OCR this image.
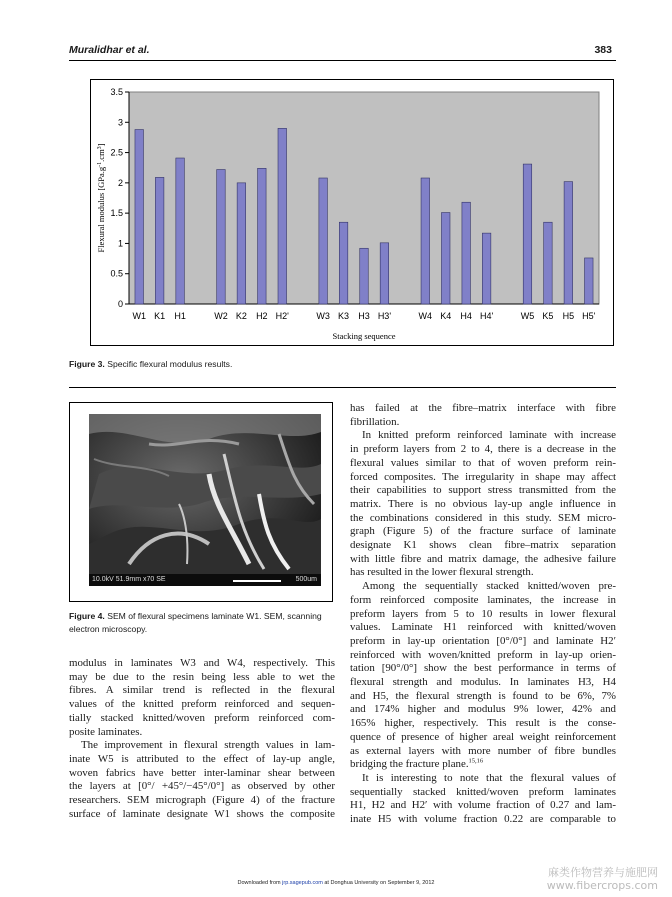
Muralidhar et al.	383
0
0.5
1
1.5
2
2.5
3
3.5
W1 K1 H1	W2 K2 H2 H2'	W3 K3 H3 H3'	W4 K4 H4 H4'	W5 K5 H5 H5'
Stacking sequence
Flexural modulus $[GPa.g^{-1}.cm^3]$
Figure 3. Specific flexural modulus results.
10.0kV 51.9mm x70 SE	500um
Figure 4. SEM of flexural specimens laminate W1. SEM, scanning electron microscopy.

modulus in laminates W3 and W4, respectively. This

may be due to the resin being less able to wet the

fibres. A similar trend is reflected in the flexural

values of the knitted preform reinforced and sequen-

tially stacked knitted/woven preform reinforced com-

posite laminates.

The improvement in flexural strength values in lam-

inate W5 is attributed to the effect of lay-up angle,

woven fabrics have better inter-laminar shear between

the layers at [0°/ +45°/−45°/0°] as observed by other

researchers. SEM micrograph (Figure 4) of the fracture

surface of laminate designate W1 shows the composite

has failed at the fibre–matrix interface with fibre

fibrillation.

In knitted preform reinforced laminate with increase

in preform layers from 2 to 4, there is a decrease in the

flexural values similar to that of woven preform rein-

forced composites. The irregularity in shape may affect

their capabilities to support stress transmitted from the

matrix. There is no obvious lay-up angle influence in

the combinations considered in this study. SEM micro-

graph (Figure 5) of the fracture surface of laminate

designate K1 shows clean fibre–matrix separation

with little fibre and matrix damage, the adhesive failure

has resulted in the lower flexural strength.

Among the sequentially stacked knitted/woven pre-

form reinforced composite laminates, the increase in

preform layers from 5 to 10 results in lower flexural

values. Laminate H1 reinforced with knitted/woven

preform in lay-up orientation [0°/0°] and laminate H2′

reinforced with woven/knitted preform in lay-up orien-

tation [90°/0°] show the best performance in terms of

flexural strength and modulus. In laminates H3, H4

and H5, the flexural strength is found to be 6%, 7%

and 174% higher and modulus 9% lower, 42% and

165% higher, respectively. This result is the conse-

quence of presence of higher areal weight reinforcement

as external layers with more number of fibre bundles

bridging the fracture plane.$^{15,16}$

It is interesting to note that the flexural values of

sequentially stacked knitted/woven preform laminates

H1, H2 and H2′ with volume fraction of 0.27 and lam-

inate H5 with volume fraction 0.22 are comparable to

Downloaded from jrp.sagepub.com at Donghua University on September 9, 2012
麻类作物营养与施肥网
www.fibercrops.com
